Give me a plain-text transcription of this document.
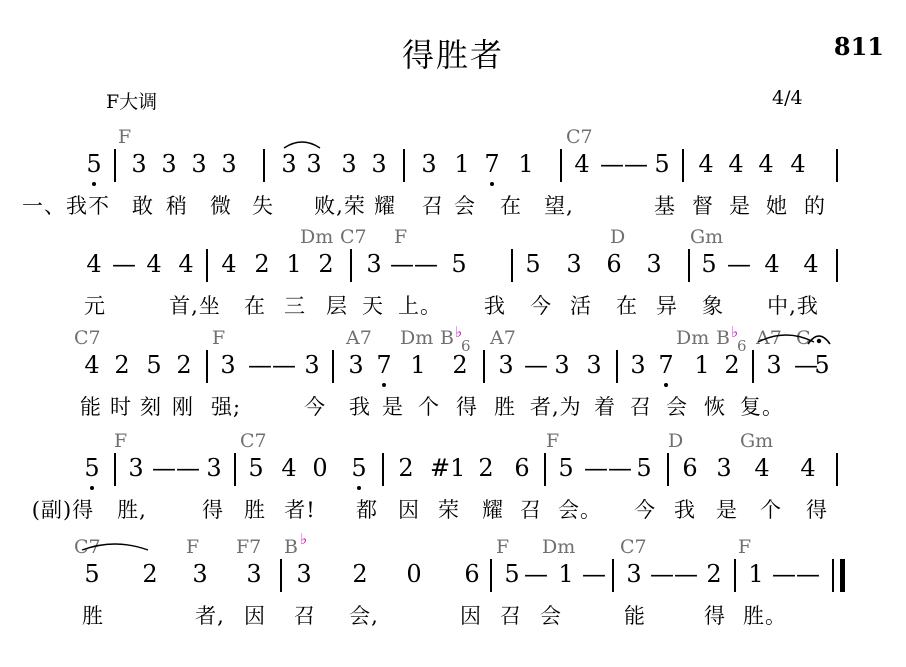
得胜者	811
F大调	4/4
F	C7
5 3 3 3 3 3 3 3 3 3 1 7 1 4 —— 5 4 4 4 4
一、我 不 敢 稍 微 失	败,荣 耀 召 会 在	望,	基 督 是 她 的
Dm C7 F	D	Gm
4 — 4 4 4 2 1 2 3 —— 5 5 3 6 3 5 — 4 4
元	首,坐	在 三 层 天 上。 我 今 活 在 异 象	中,我
C7	F	A7 Dm B A7	Dm B A7 C
4 2 5 2 3 —— 3 3 7 1 2 3 — 3 3 3 7 1 2 3 —
5
能 时 刻 刚 强;	今 我 是 个 得 胜 者,为 着 召 会 恢 复。
F	C7	F	D	Gm
5 3 —— 3 5 4 0 5 2 #1 2 6 5 —— 5 6 3 4 4
(副)得 胜,	得 胜 者! 都 因 荣 耀 召 会。 今 我 是 个 得
C7	F F7 B	F Dm C7	F
5 2 3 3 3 2 0 6 5 — 1 — 3 —— 2 1 ——
胜	者, 因 召 会,	因 召 会	能	得 胜。
♭	♭
♭
6	6
